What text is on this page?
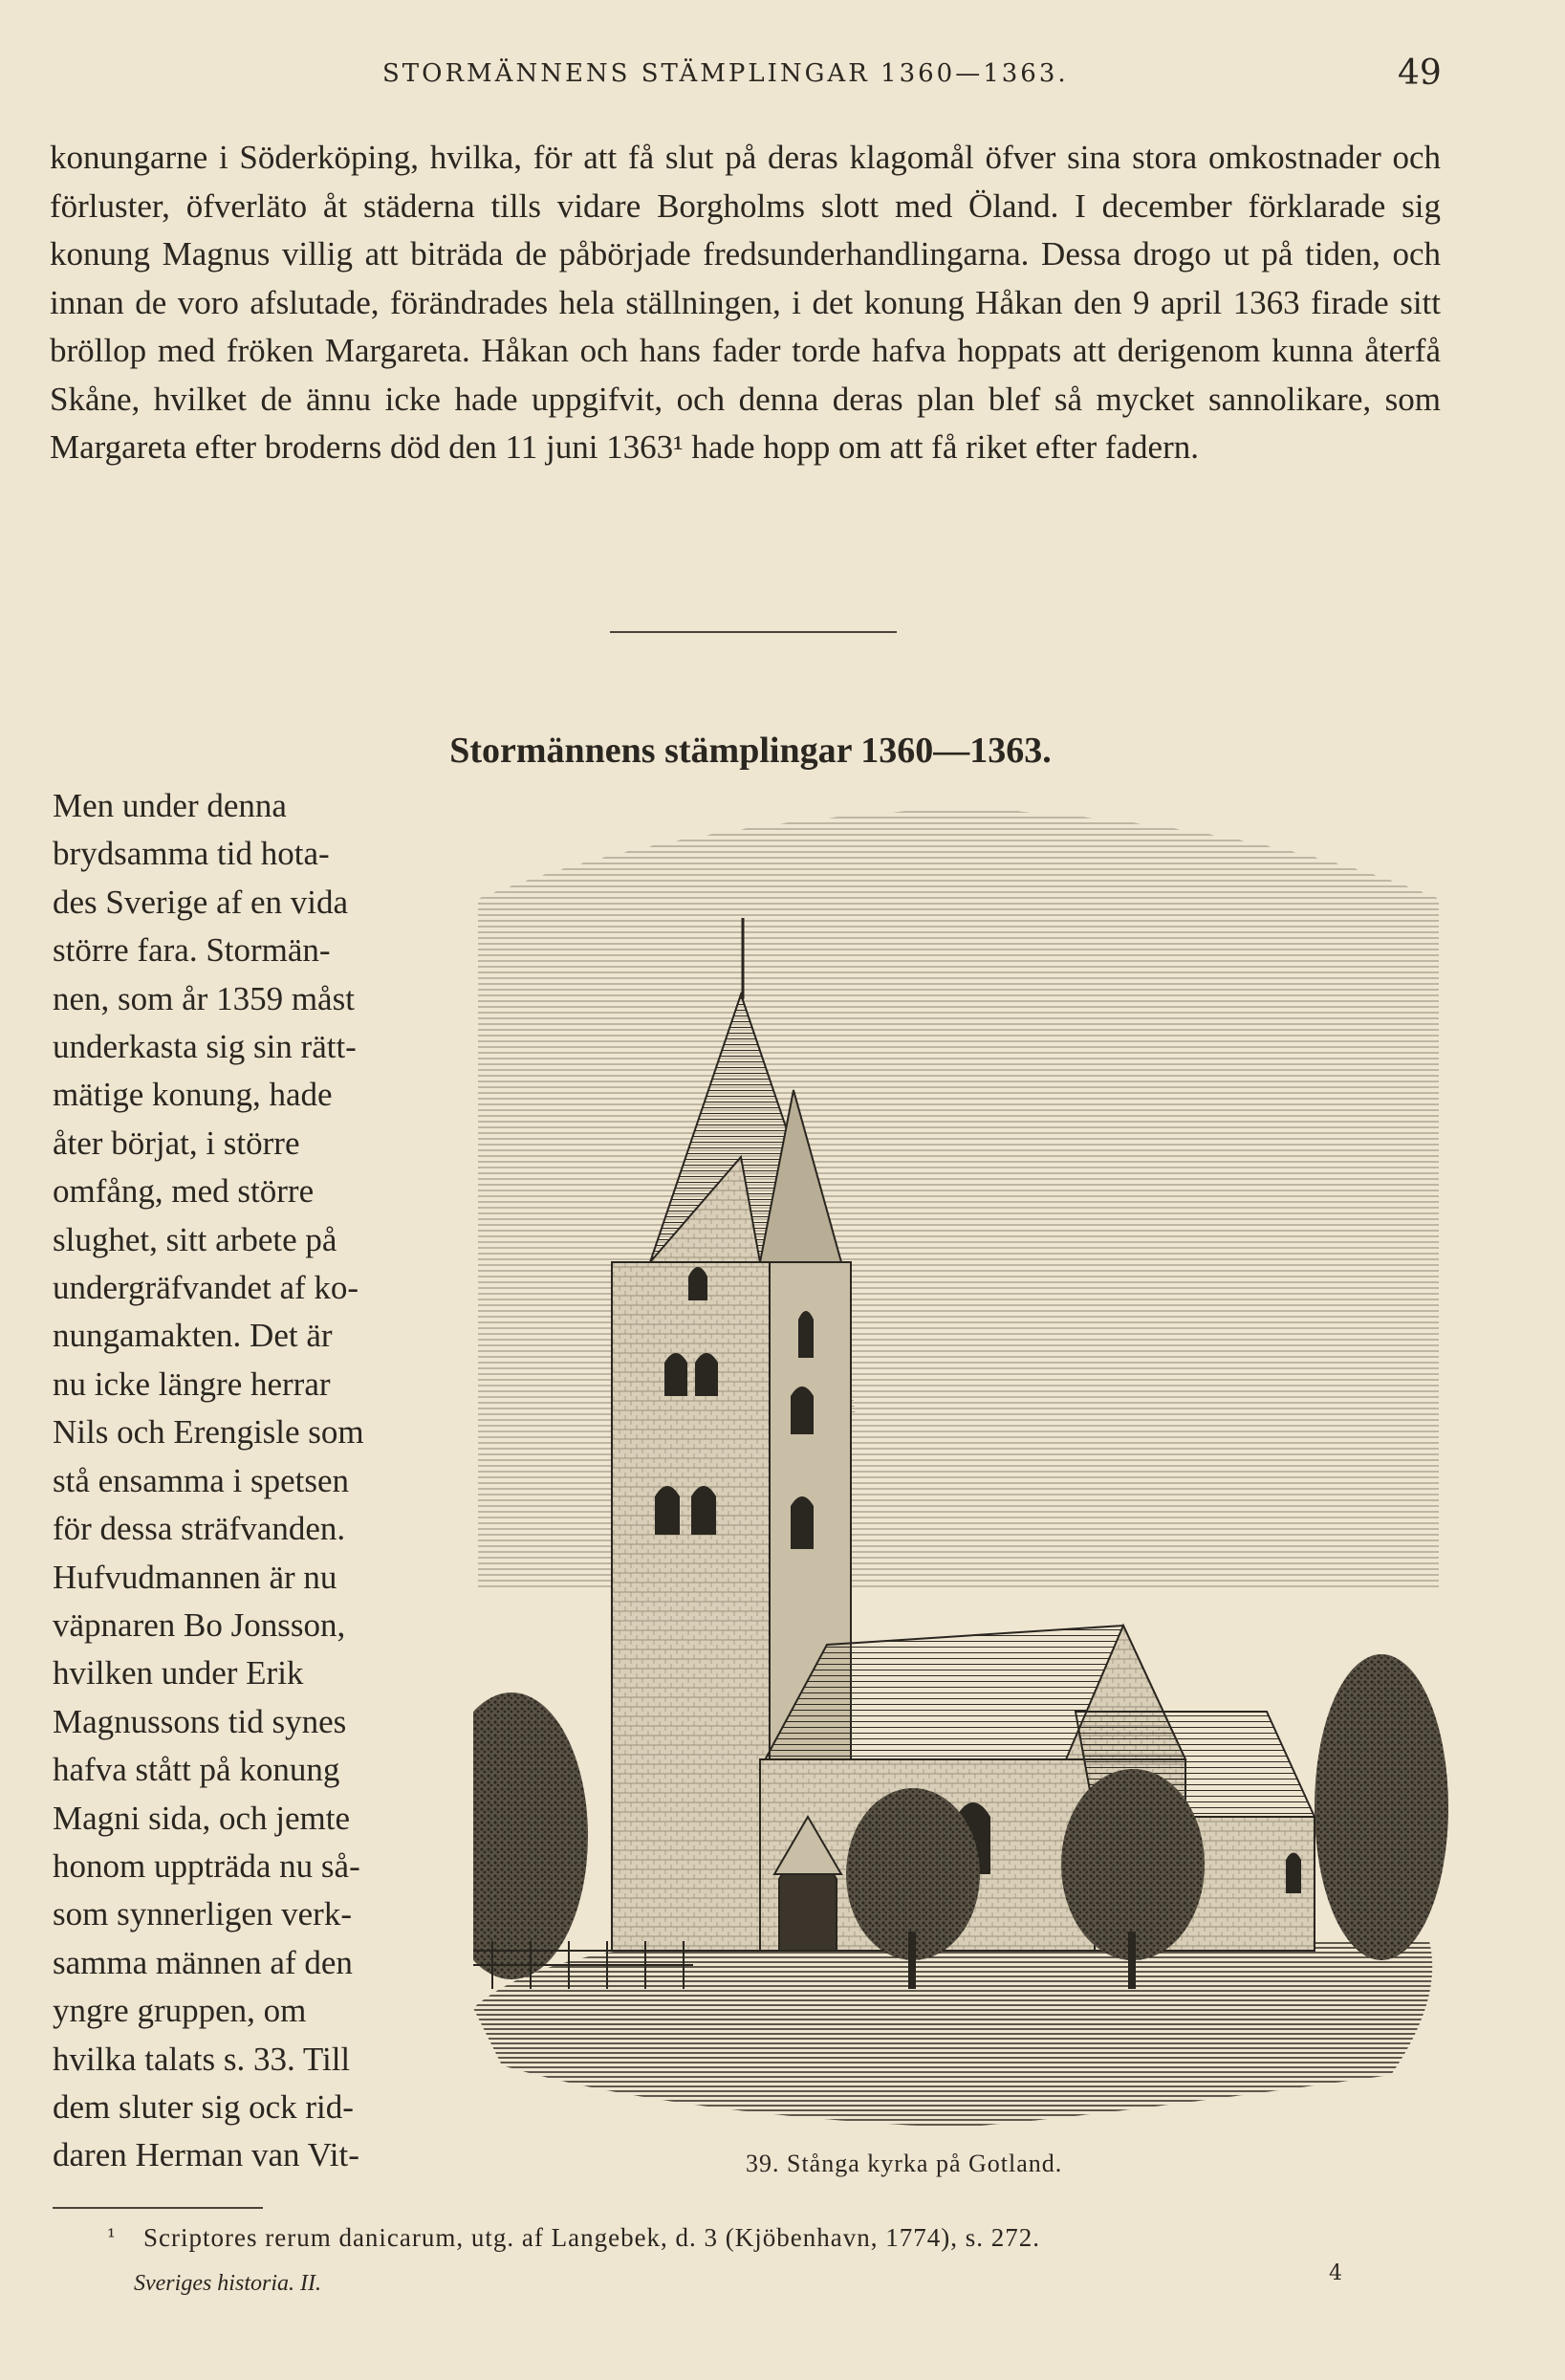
STORMÄNNENS STÄMPLINGAR 1360—1363.	49
konungarne i Söderköping, hvilka, för att få slut på deras klagomål öfver sina stora omkostnader och förluster, öfverläto åt städerna tills vidare Borgholms slott med Öland. I december förklarade sig konung Magnus villig att biträda de påbörjade fredsunderhandlingarna. Dessa drogo ut på tiden, och innan de voro afslutade, förändrades hela ställningen, i det konung Håkan den 9 april 1363 firade sitt bröllop med fröken Margareta. Håkan och hans fader torde hafva hoppats att derigenom kunna återfå Skåne, hvilket de ännu icke hade uppgifvit, och denna deras plan blef så mycket sannolikare, som Margareta efter broderns död den 11 juni 1363¹ hade hopp om att få riket efter fadern.
Stormännens stämplingar 1360—1363.
Men under denna
brydsamma tid hota-
des Sverige af en vida
större fara. Stormän-
nen, som år 1359 måst
underkasta sig sin rätt-
mätige konung, hade
åter börjat, i större
omfång, med större
slughet, sitt arbete på
undergräfvandet af ko-
nungamakten. Det är
nu icke längre herrar
Nils och Erengisle som
stå ensamma i spetsen
för dessa sträfvanden.
Hufvudmannen är nu
väpnaren Bo Jonsson,
hvilken under Erik
Magnussons tid synes
hafva stått på konung
Magni sida, och jemte
honom uppträda nu så-
som synnerligen verk-
samma männen af den
yngre gruppen, om
hvilka talats s. 33. Till
dem sluter sig ock rid-
daren Herman van Vit-	39. Stånga kyrka på Gotland.
¹ Scriptores rerum danicarum, utg. af Langebek, d. 3 (Kjöbenhavn, 1774), s. 272.
Sveriges historia. II.	4
